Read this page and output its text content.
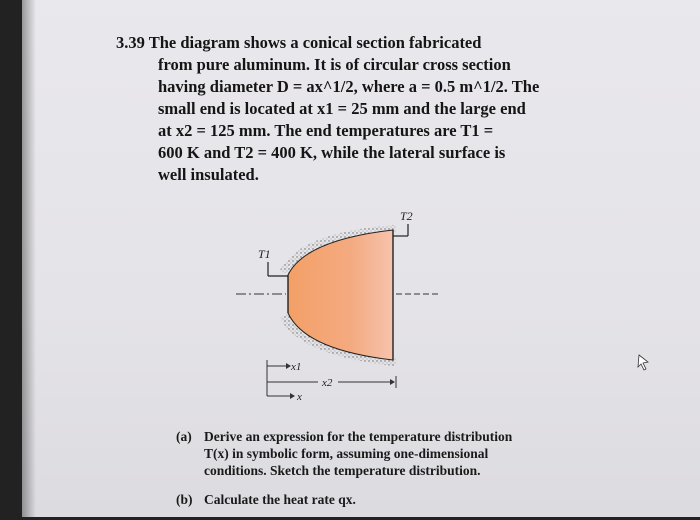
3.39 The diagram shows a conical section fabricated
from pure aluminum. It is of circular cross section
having diameter D = ax^1/2, where a = 0.5 m^1/2. The
small end is located at x1 = 25 mm and the large end
at x2 = 125 mm. The end temperatures are T1 =
600 K and T2 = 400 K, while the lateral surface is
well insulated.
T1
T2
x1
x2
x
(a) Derive an expression for the temperature distribution
T(x) in symbolic form, assuming one-dimensional
conditions. Sketch the temperature distribution.
(b) Calculate the heat rate qx.
